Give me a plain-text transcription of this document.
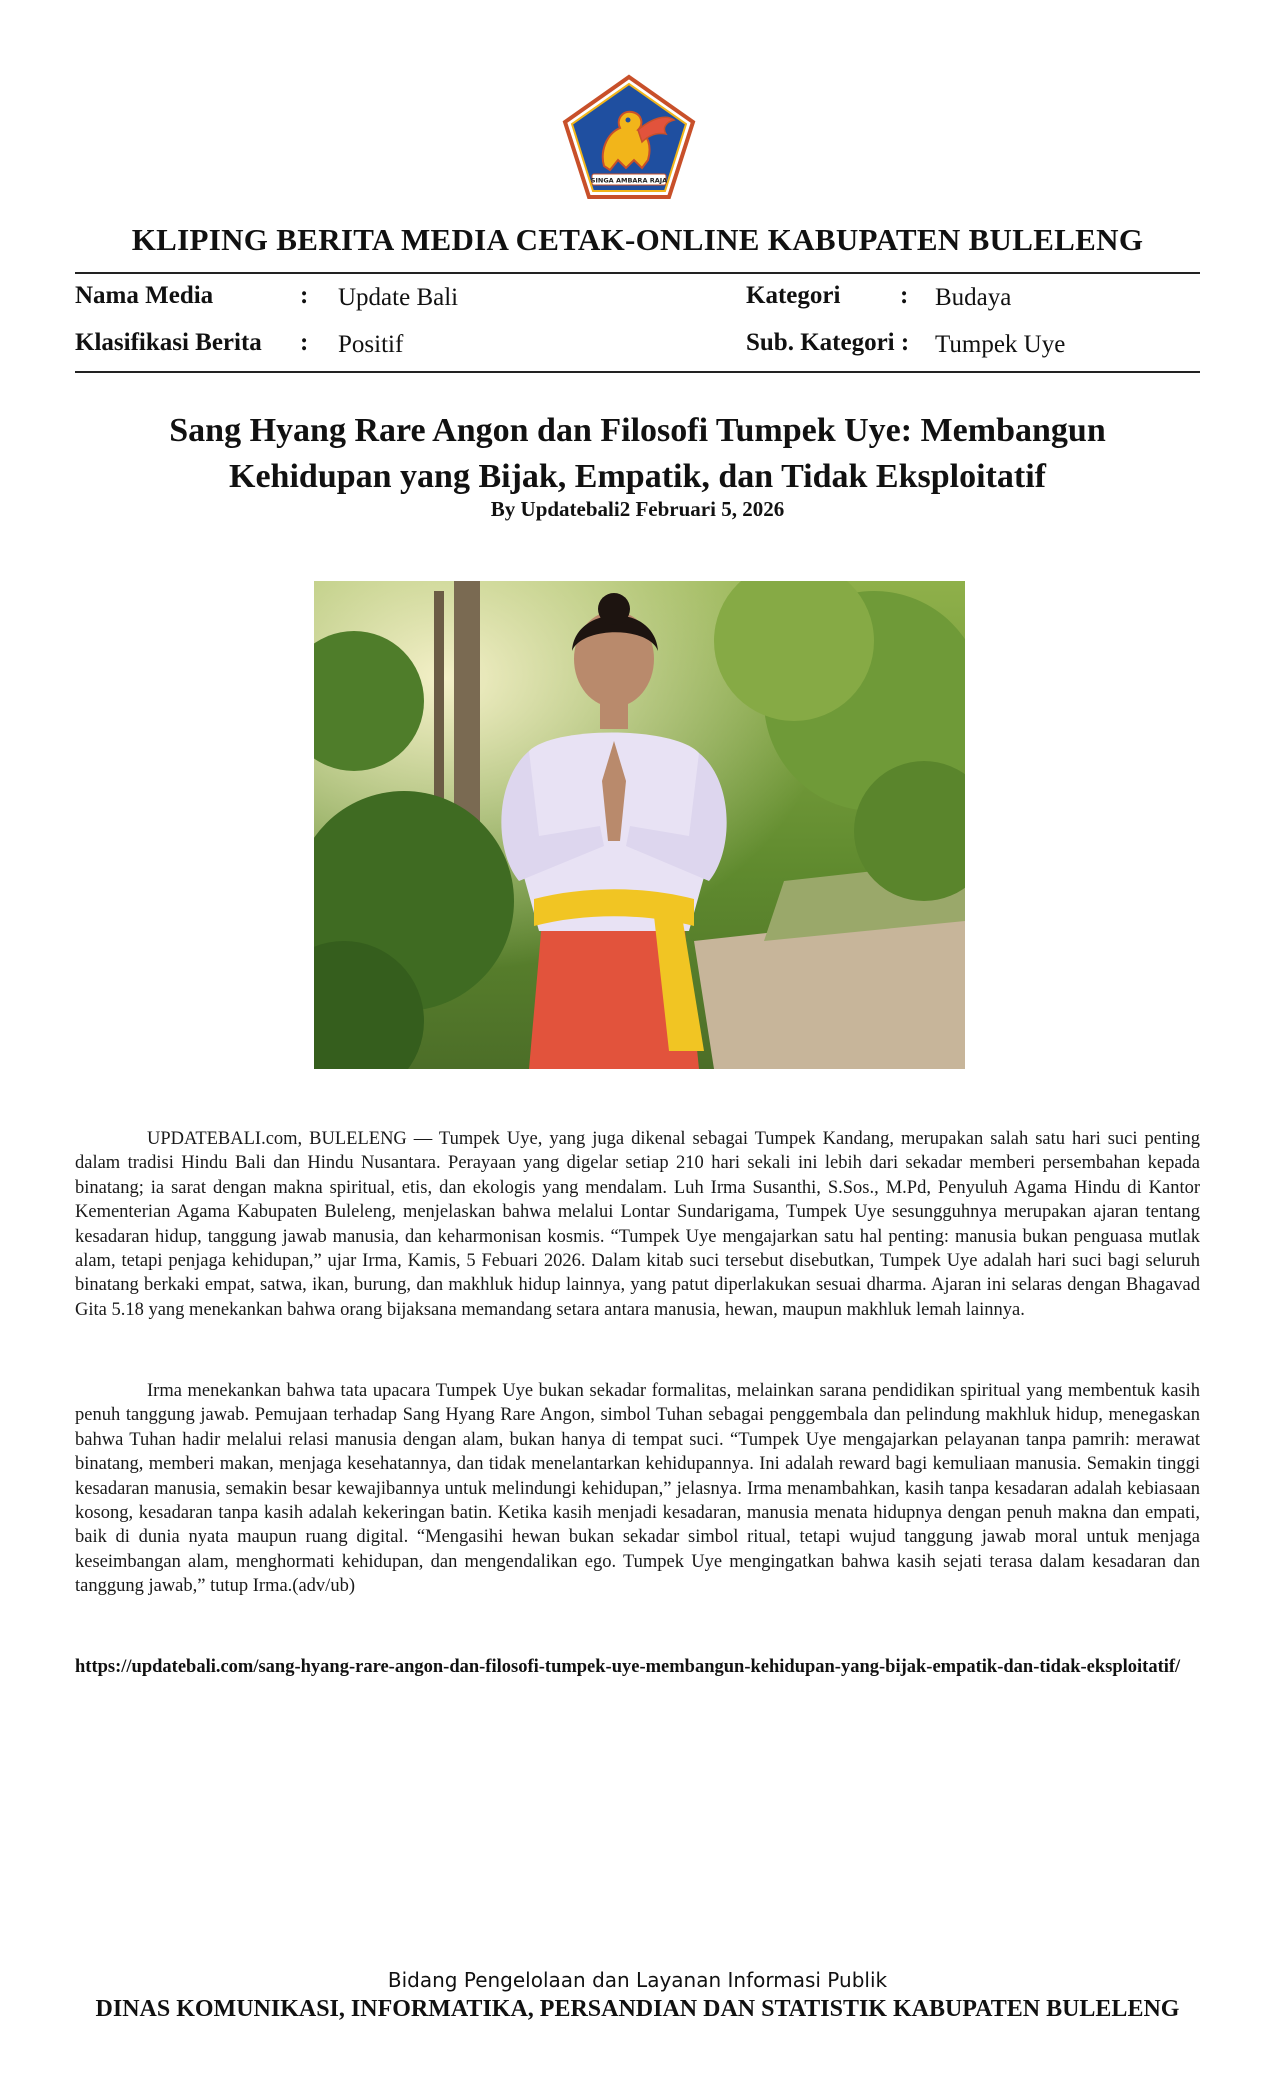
SINGA AMBARA RAJA
KLIPING BERITA MEDIA CETAK-ONLINE KABUPATEN BULELENG
Nama Media	: Update Bali
Klasifikasi Berita : Positif
Kategori : Budaya
Sub. Kategori : Tumpek Uye
Sang Hyang Rare Angon dan Filosofi Tumpek Uye: Membangun
Kehidupan yang Bijak, Empatik, dan Tidak Eksploitatif
By Updatebali2 Februari 5, 2026
UPDATEBALI.com, BULELENG — Tumpek Uye, yang juga dikenal sebagai Tumpek Kandang, merupakan salah satu hari suci penting dalam tradisi Hindu Bali dan Hindu Nusantara. Perayaan yang digelar setiap 210 hari sekali ini lebih dari sekadar memberi persembahan kepada binatang; ia sarat dengan makna spiritual, etis, dan ekologis yang mendalam. Luh Irma Susanthi, S.Sos., M.Pd, Penyuluh Agama Hindu di Kantor Kementerian Agama Kabupaten Buleleng, menjelaskan bahwa melalui Lontar Sundarigama, Tumpek Uye sesungguhnya merupakan ajaran tentang kesadaran hidup, tanggung jawab manusia, dan keharmonisan kosmis. “Tumpek Uye mengajarkan satu hal penting: manusia bukan penguasa mutlak alam, tetapi penjaga kehidupan,” ujar Irma, Kamis, 5 Febuari 2026. Dalam kitab suci tersebut disebutkan, Tumpek Uye adalah hari suci bagi seluruh binatang berkaki empat, satwa, ikan, burung, dan makhluk hidup lainnya, yang patut diperlakukan sesuai dharma. Ajaran ini selaras dengan Bhagavad Gita 5.18 yang menekankan bahwa orang bijaksana memandang setara antara manusia, hewan, maupun makhluk lemah lainnya.
Irma menekankan bahwa tata upacara Tumpek Uye bukan sekadar formalitas, melainkan sarana pendidikan spiritual yang membentuk kasih penuh tanggung jawab. Pemujaan terhadap Sang Hyang Rare Angon, simbol Tuhan sebagai penggembala dan pelindung makhluk hidup, menegaskan bahwa Tuhan hadir melalui relasi manusia dengan alam, bukan hanya di tempat suci. “Tumpek Uye mengajarkan pelayanan tanpa pamrih: merawat binatang, memberi makan, menjaga kesehatannya, dan tidak menelantarkan kehidupannya. Ini adalah reward bagi kemuliaan manusia. Semakin tinggi kesadaran manusia, semakin besar kewajibannya untuk melindungi kehidupan,” jelasnya. Irma menambahkan, kasih tanpa kesadaran adalah kebiasaan kosong, kesadaran tanpa kasih adalah kekeringan batin. Ketika kasih menjadi kesadaran, manusia menata hidupnya dengan penuh makna dan empati, baik di dunia nyata maupun ruang digital. “Mengasihi hewan bukan sekadar simbol ritual, tetapi wujud tanggung jawab moral untuk menjaga keseimbangan alam, menghormati kehidupan, dan mengendalikan ego. Tumpek Uye mengingatkan bahwa kasih sejati terasa dalam kesadaran dan tanggung jawab,” tutup Irma.(adv/ub)
https://updatebali.com/sang-hyang-rare-angon-dan-filosofi-tumpek-uye-membangun-kehidupan-yang-bijak-empatik-dan-tidak-eksploitatif/
Bidang Pengelolaan dan Layanan Informasi Publik
DINAS KOMUNIKASI, INFORMATIKA, PERSANDIAN DAN STATISTIK KABUPATEN BULELENG
